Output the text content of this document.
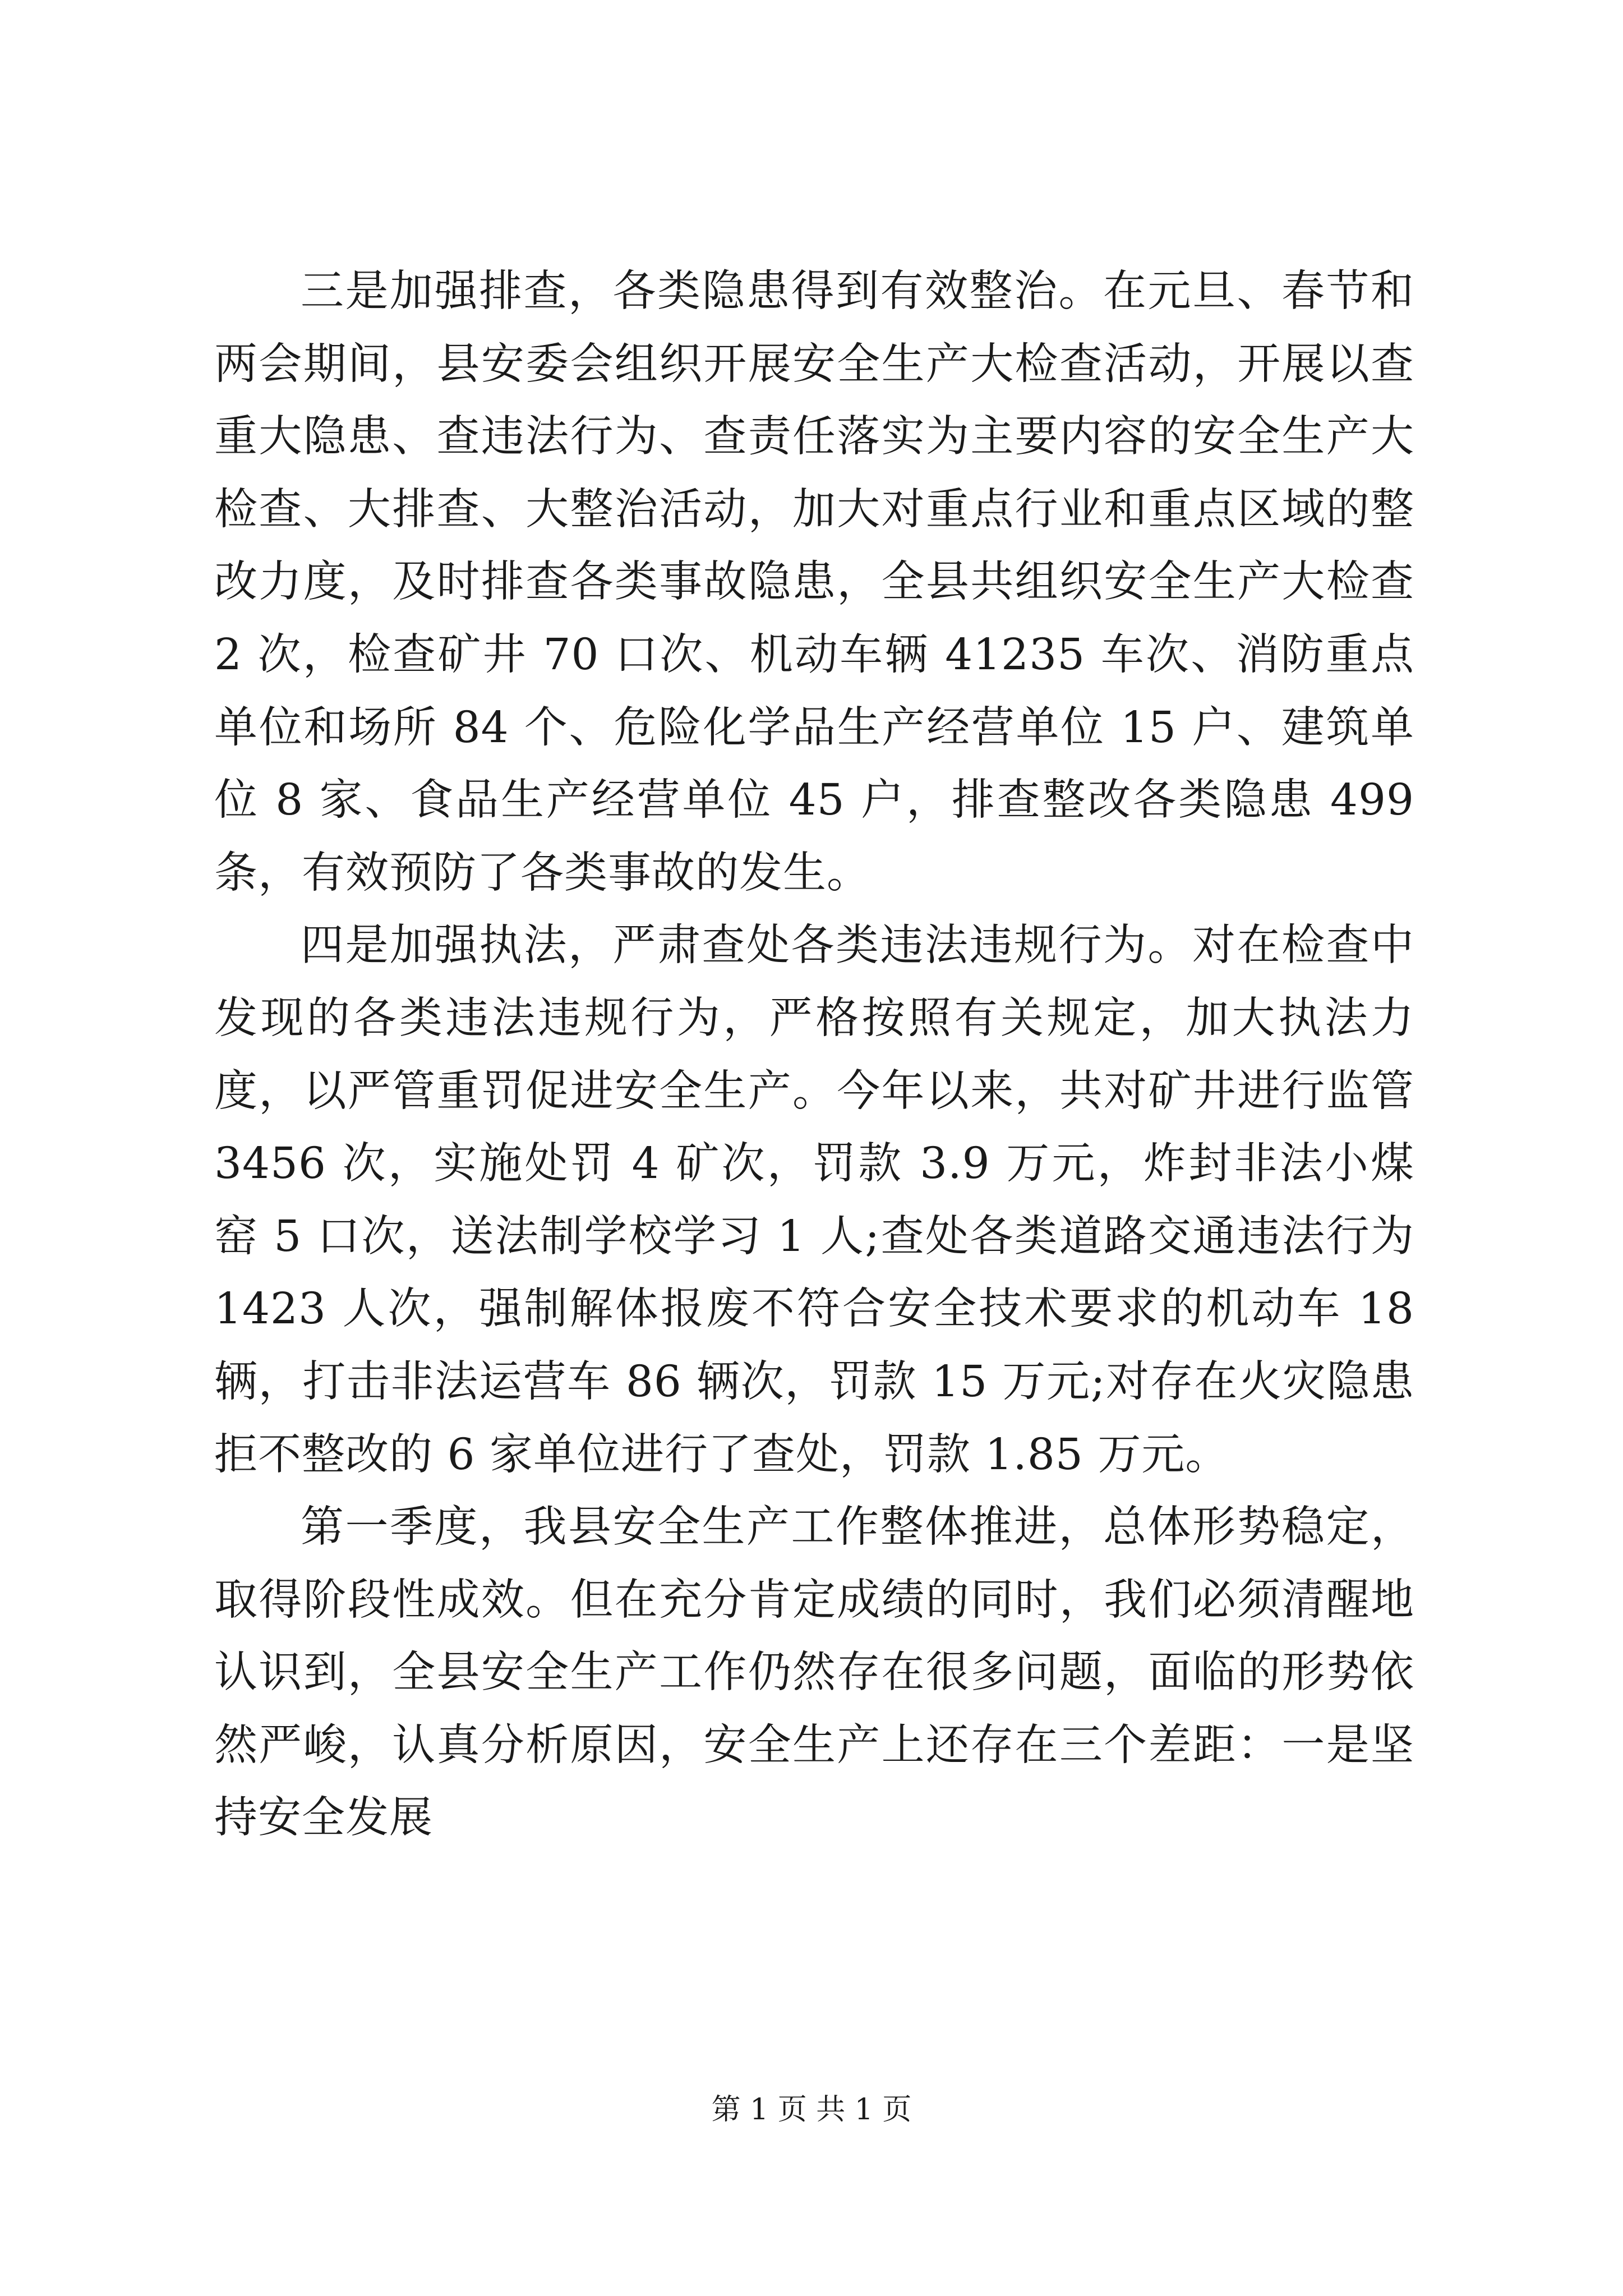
三是加强排查，各类隐患得到有效整治。在元旦、春节和两会期间，县安委会组织开展安全生产大检查活动，开展以查重大隐患、查违法行为、查责任落实为主要内容的安全生产大检查、大排查、大整治活动，加大对重点行业和重点区域的整改力度，及时排查各类事故隐患，全县共组织安全生产大检查 2 次，检查矿井 70 口次、机动车辆 41235 车次、消防重点单位和场所 84 个、危险化学品生产经营单位 15 户、建筑单位 8 家、食品生产经营单位 45 户，排查整改各类隐患 499 条，有效预防了各类事故的发生。

四是加强执法，严肃查处各类违法违规行为。对在检查中发现的各类违法违规行为，严格按照有关规定，加大执法力度，以严管重罚促进安全生产。今年以来，共对矿井进行监管 3456 次，实施处罚 4 矿次，罚款 3.9 万元，炸封非法小煤窑 5 口次，送法制学校学习 1 人;查处各类道路交通违法行为 1423 人次，强制解体报废不符合安全技术要求的机动车 18 辆，打击非法运营车 86 辆次，罚款 15 万元;对存在火灾隐患拒不整改的 6 家单位进行了查处，罚款 1.85 万元。

第一季度，我县安全生产工作整体推进，总体形势稳定，取得阶段性成效。但在充分肯定成绩的同时，我们必须清醒地认识到，全县安全生产工作仍然存在很多问题，面临的形势依然严峻，认真分析原因，安全生产上还存在三个差距：一是坚持安全发展

第 1 页 共 1 页
